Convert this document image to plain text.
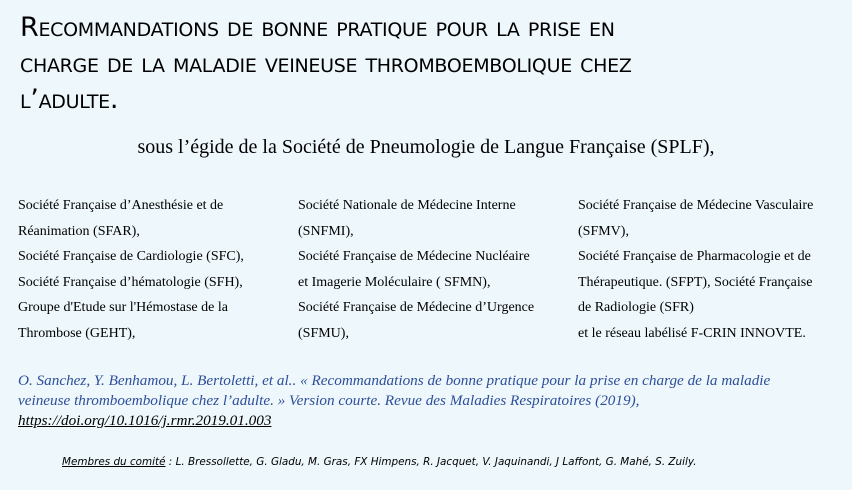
Recommandations de bonne pratique pour la prise en
charge de la maladie veineuse thromboembolique chez
l’adulte.
sous l’égide de la Société de Pneumologie de Langue Française (SPLF),
Société Française d’Anesthésie et de
Réanimation (SFAR),
Société Française de Cardiologie (SFC),
Société Française d’hématologie (SFH),
Groupe d'Etude sur l'Hémostase de la
Thrombose (GEHT),
Société Nationale de Médecine Interne
(SNFMI),
Société Française de Médecine Nucléaire
et Imagerie Moléculaire ( SFMN),
Société Française de Médecine d’Urgence
(SFMU),
Société Française de Médecine Vasculaire
(SFMV),
Société Française de Pharmacologie et de
Thérapeutique. (SFPT), Société Française
de Radiologie (SFR)
et le réseau labélisé F-CRIN INNOVTE.
O. Sanchez, Y. Benhamou, L. Bertoletti, et al.. « Recommandations de bonne pratique pour la prise en charge de la maladie
veineuse thromboembolique chez l’adulte. » Version courte. Revue des Maladies Respiratoires (2019),
https://doi.org/10.1016/j.rmr.2019.01.003
Membres du comité : L. Bressollette, G. Gladu, M. Gras, FX Himpens, R. Jacquet, V. Jaquinandi, J Laffont, G. Mahé, S. Zuily.
